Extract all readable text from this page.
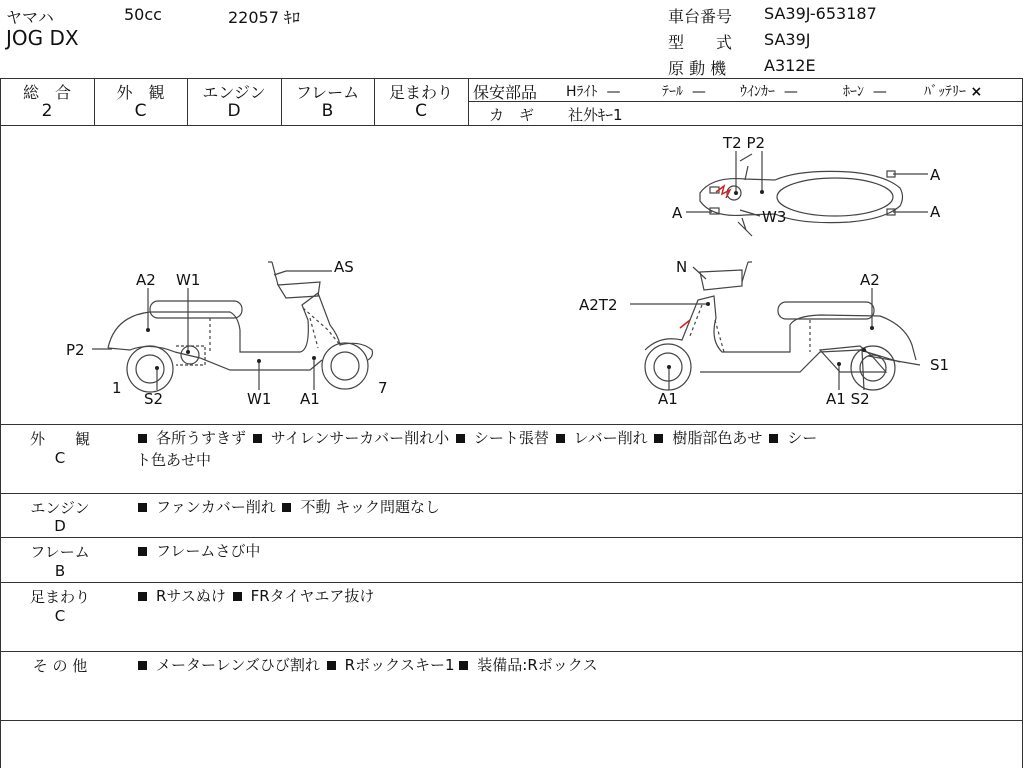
ヤマハ	50cc	22057 ｷﾛ
JOG DX
車台番号 SA39J-653187
型　　式 SA39J
原 動 機 A312E
総　合
2
外　観
C
エンジン
D
フレーム
B
足まわり
C
保安部品 Hﾗｲﾄ —	ﾃｰﾙ — ｳｲﾝｶｰ —	ﾎｰﾝ —	ﾊﾞｯﾃﾘｰ ×
カ　ギ 社外ｷｰ1
T2 P2
A
A
A	W3
AS
A2 W1
P2
1
S2	W1 A1
7
N
A2
A2T2
S1
A1	A1 S2
外　　観
C
各所うすきず サイレンサーカバー削れ小 シート張替 レバー削れ 樹脂部色あせ シー
ト色あせ中
エンジン
D
ファンカバー削れ 不動 キック問題なし
フレーム
B
フレームさび中
足まわり
C
Rサスぬけ FRタイヤエア抜け
そ の 他	メーターレンズひび割れ Rボックスキー1 装備品:Rボックス
